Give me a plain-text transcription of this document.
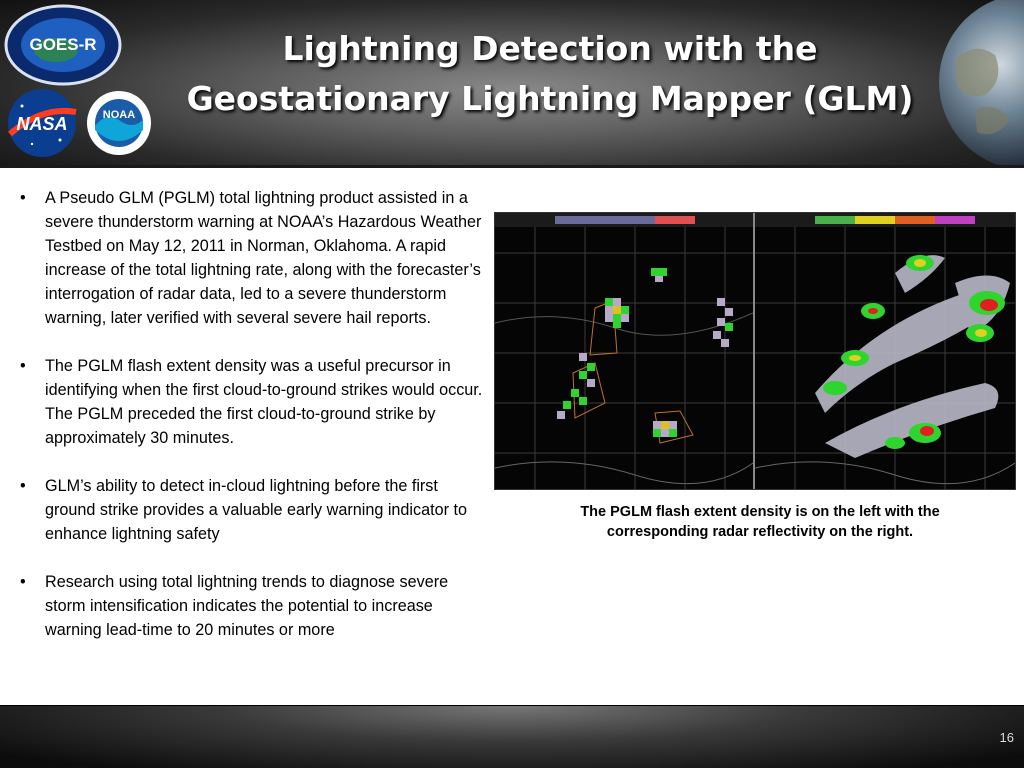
GOES-R
NASA	NOAA
Lightning Detection with the
Geostationary Lightning Mapper (GLM)
• A Pseudo GLM (PGLM) total lightning product assisted in a severe thunderstorm warning at NOAA’s Hazardous Weather Testbed on May 12, 2011 in Norman, Oklahoma. A rapid increase of the total lightning rate, along with the forecaster’s interrogation of radar data, led to a severe thunderstorm warning, later verified with several severe hail reports.
• The PGLM flash extent density was a useful precursor in identifying when the first cloud-to-ground strikes would occur. The PGLM preceded the first cloud-to-ground strike by approximately 30 minutes.
• GLM’s ability to detect in-cloud lightning before the first ground strike provides a valuable early warning indicator to enhance lightning safety
• Research using total lightning trends to diagnose severe storm intensification indicates the potential to increase warning lead-time to 20 minutes or more
The PGLM flash extent density is on the left with the corresponding radar reflectivity on the right.
16
